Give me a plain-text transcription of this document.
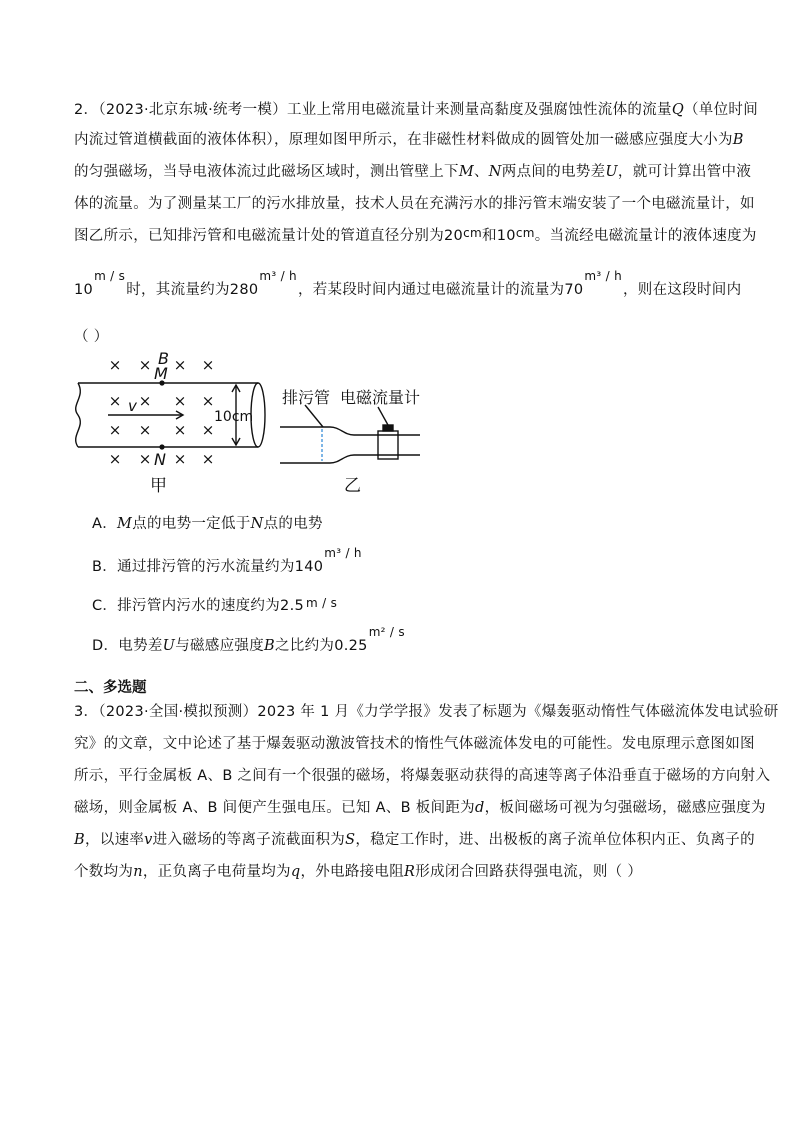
2．（2023·北京东城·统考一模）工业上常用电磁流量计来测量高黏度及强腐蚀性流体的流量Q（单位时间
内流过管道横截面的液体体积），原理如图甲所示，在非磁性材料做成的圆管处加一磁感应强度大小为B
的匀强磁场，当导电液体流过此磁场区域时，测出管壁上下M、N两点间的电势差U，就可计算出管中液
体的流量。为了测量某工厂的污水排放量，技术人员在充满污水的排污管末端安装了一个电磁流量计，如
图乙所示，已知排污管和电磁流量计处的管道直径分别为$20^{cm}$和$10^{cm}$。当流经电磁流量计的液体速度为
$10^{m / s}$时，其流量约为$280^{m^3 / h}$，若某段时间内通过电磁流量计的流量为$70^{m^3 / h}$，则在这段时间内
（ ）
× × × ×
× × × ×
× × × ×
× × × ×
B
M
N
v
10cm
甲
排污管 电磁流量计
乙
A．M点的电势一定低于N点的电势
B．通过排污管的污水流量约为$140^{m^3 / h}$
C．排污管内污水的速度约为2.5 $^{m / s}$
D．电势差U与磁感应强度B之比约为$0.25^{m^2 / s}$
二、多选题
3．（2023·全国·模拟预测）2023 年 1 月《力学学报》发表了标题为《爆轰驱动惰性气体磁流体发电试验研
究》的文章，文中论述了基于爆轰驱动激波管技术的惰性气体磁流体发电的可能性。发电原理示意图如图
所示，平行金属板 A、B 之间有一个很强的磁场，将爆轰驱动获得的高速等离子体沿垂直于磁场的方向射入
磁场，则金属板 A、B 间便产生强电压。已知 A、B 板间距为d，板间磁场可视为匀强磁场，磁感应强度为
B，以速率v进入磁场的等离子流截面积为S，稳定工作时，进、出极板的离子流单位体积内正、负离子的
个数均为n，正负离子电荷量均为q，外电路接电阻R形成闭合回路获得强电流，则（ ）
